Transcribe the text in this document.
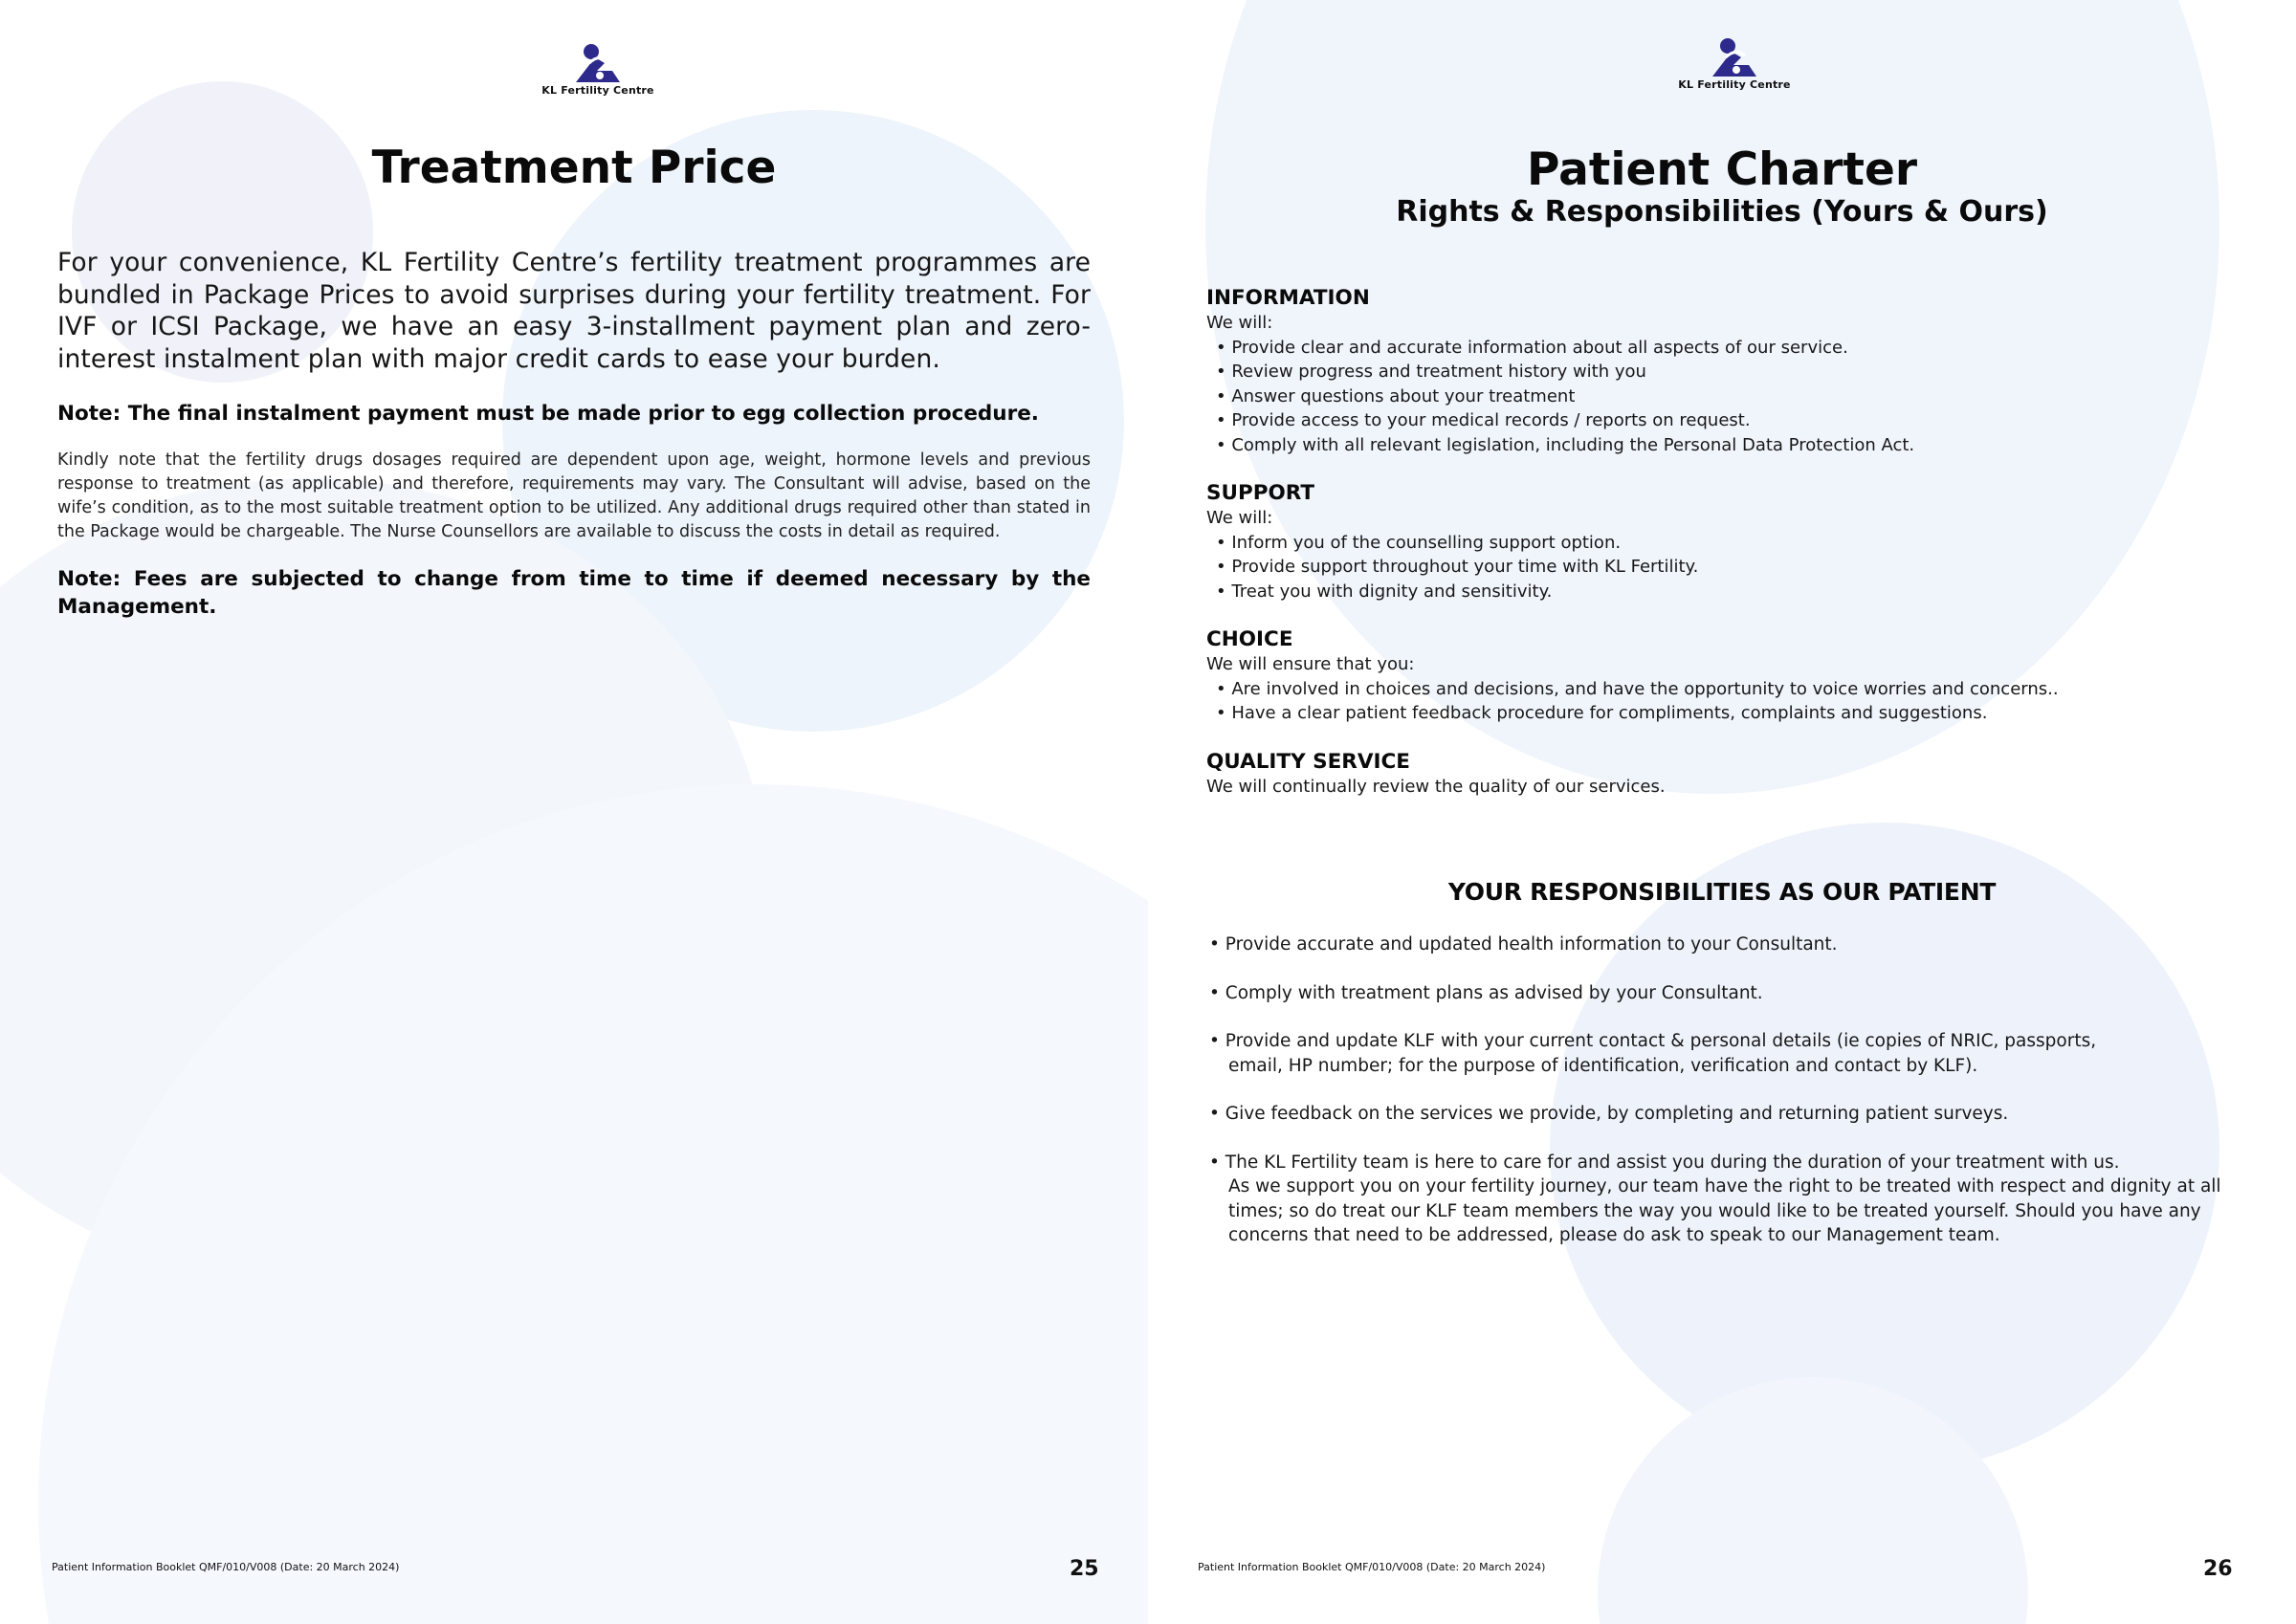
KL Fertility Centre
Treatment Price

For your convenience, KL Fertility Centre’s fertility treatment programmes are bundled in Package Prices to avoid surprises during your fertility treatment. For IVF or ICSI Package, we have an easy 3-installment payment plan and zero-interest instalment plan with major credit cards to ease your burden.

Note: The final instalment payment must be made prior to egg collection procedure.

Kindly note that the fertility drugs dosages required are dependent upon age, weight, hormone levels and previous response to treatment (as applicable) and therefore, requirements may vary. The Consultant will advise, based on the wife’s condition, as to the most suitable treatment option to be utilized. Any additional drugs required other than stated in the Package would be chargeable. The Nurse Counsellors are available to discuss the costs in detail as required.

Note: Fees are subjected to change from time to time if deemed necessary by the Management.

Patient Information Booklet QMF/010/V008 (Date: 20 March 2024)	25
KL Fertility Centre
Patient Charter
Rights & Responsibilities (Yours & Ours)
INFORMATION
We will:
• Provide clear and accurate information about all aspects of our service.
• Review progress and treatment history with you
• Answer questions about your treatment
• Provide access to your medical records / reports on request.
• Comply with all relevant legislation, including the Personal Data Protection Act.
SUPPORT
We will:
• Inform you of the counselling support option.
• Provide support throughout your time with KL Fertility.
• Treat you with dignity and sensitivity.
CHOICE
We will ensure that you:
• Are involved in choices and decisions, and have the opportunity to voice worries and concerns..
• Have a clear patient feedback procedure for compliments, complaints and suggestions.
QUALITY SERVICE
We will continually review the quality of our services.
YOUR RESPONSIBILITIES AS OUR PATIENT
• Provide accurate and updated health information to your Consultant.
• Comply with treatment plans as advised by your Consultant.
• Provide and update KLF with your current contact & personal details (ie copies of NRIC, passports,
email, HP number; for the purpose of identification, verification and contact by KLF).
• Give feedback on the services we provide, by completing and returning patient surveys.
• The KL Fertility team is here to care for and assist you during the duration of your treatment with us.
As we support you on your fertility journey, our team have the right to be treated with respect and dignity at all times; so do treat our KLF team members the way you would like to be treated yourself. Should you have any concerns that need to be addressed, please do ask to speak to our Management team.
Patient Information Booklet QMF/010/V008 (Date: 20 March 2024)	26
